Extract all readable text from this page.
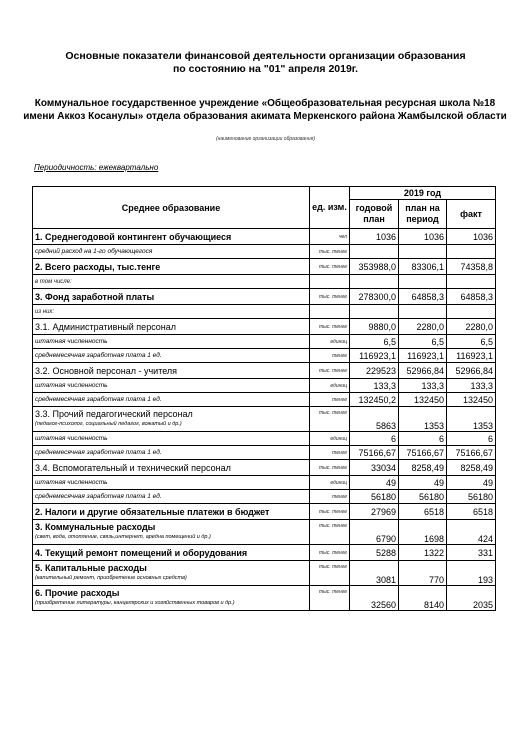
Основные показатели финансовой деятельности организации образования
по состоянию на "01" апреля 2019г.
Коммунальное государственное учреждение «Общеобразовательная ресурсная школа №18 имени Аккоз Косанулы» отдела образования акимата Меркенского района Жамбылской области
(наименование организации образования)
Периодичность: ежеквартально
Среднее образование	ед. изм.	2019 год		
		годовой план	план на период	факт

1. Среднегодовой контингент обучающиеся	чел	1036	1036	1036

средний расход на 1-го обучающегося	тыс. тенге			

2. Всего расходы, тыс.тенге	тыс. тенге	353988,0	83306,1	74358,8

в том числе:				

3. Фонд заработной платы	тыс. тенге	278300,0	64858,3	64858,3

из них:				

3.1. Административный персонал	тыс. тенге	9880,0	2280,0	2280,0

штатная численность	единиц	6,5	6,5	6,5

среднемесячная заработная плата 1 ед.	тенге	116923,1	116923,1	116923,1

3.2. Основной персонал - учителя	тыс. тенге	229523	52966,84	52966,84

штатная численность	единиц	133,3	133,3	133,3

среднемесячная заработная плата 1 ед.	тенге	132450,2	132450	132450

3.3. Прочий педагогический персонал
(педагог-психолог, социальный педагог, вожатый и др.)	тыс. тенге	5863	1353	1353

штатная численность	единиц	6	6	6

среднемесячная заработная плата 1 ед.	тенге	75166,67	75166,67	75166,67

3.4. Вспомогательный и технический персонал	тыс. тенге	33034	8258,49	8258,49

штатная численность	единиц	49	49	49

среднемесячная заработная плата 1 ед.	тенге	56180	56180	56180

2. Налоги и другие обязательные платежи в бюджет	тыс. тенге	27969	6518	6518

3. Коммунальные расходы
(свет, вода, отопление, связь,интернет, аредна помещений и др.)	тыс. тенге	6790	1698	424

4. Текущий ремонт помещений и оборудования	тыс. тенге	5288	1322	331

5. Капитальные расходы
(капительный ремонт, приобретение основных средств)	тыс. тенге	3081	770	193

6. Прочие расходы
(приобретение литературы, канцелярских и хозяйственных товаров и др.)	тыс. тенге	32560	8140	2035
